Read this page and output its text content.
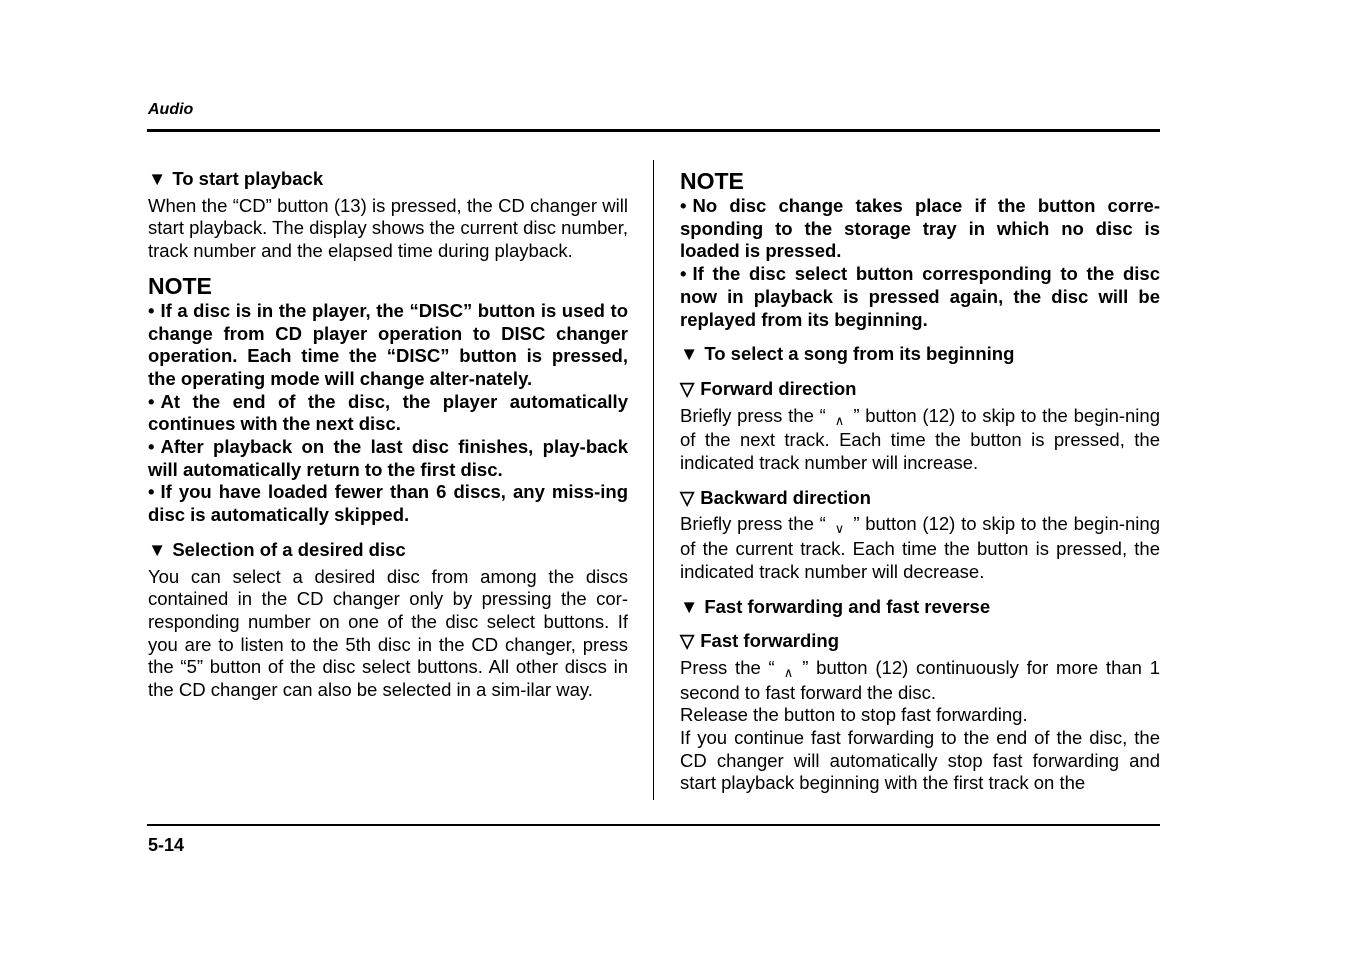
Audio

▼ To start playback

When the “CD” button (13) is pressed, the CD changer will start playback. The display shows the current disc number, track number and the elapsed time during playback.

NOTE

• If a disc is in the player, the “DISC” button is used to change from CD player operation to DISC changer operation. Each time the “DISC” button is pressed, the operating mode will change alter-nately.

• At the end of the disc, the player automatically continues with the next disc.

• After playback on the last disc finishes, play-back will automatically return to the first disc.

• If you have loaded fewer than 6 discs, any miss-ing disc is automatically skipped.

▼ Selection of a desired disc

You can select a desired disc from among the discs contained in the CD changer only by pressing the cor-responding number on one of the disc select buttons. If you are to listen to the 5th disc in the CD changer, press the “5” button of the disc select buttons. All other discs in the CD changer can also be selected in a sim-ilar way.

NOTE

• No disc change takes place if the button corre-sponding to the storage tray in which no disc is loaded is pressed.

• If the disc select button corresponding to the disc now in playback is pressed again, the disc will be replayed from its beginning.

▼ To select a song from its beginning

▽ Forward direction

Briefly press the “ ∧ ” button (12) to skip to the begin-ning of the next track. Each time the button is pressed, the indicated track number will increase.

▽ Backward direction

Briefly press the “ ∨ ” button (12) to skip to the begin-ning of the current track. Each time the button is pressed, the indicated track number will decrease.

▼ Fast forwarding and fast reverse

▽ Fast forwarding

Press the “ ∧ ” button (12) continuously for more than 1 second to fast forward the disc.

Release the button to stop fast forwarding.

If you continue fast forwarding to the end of the disc, the CD changer will automatically stop fast forwarding and start playback beginning with the first track on the

5-14
